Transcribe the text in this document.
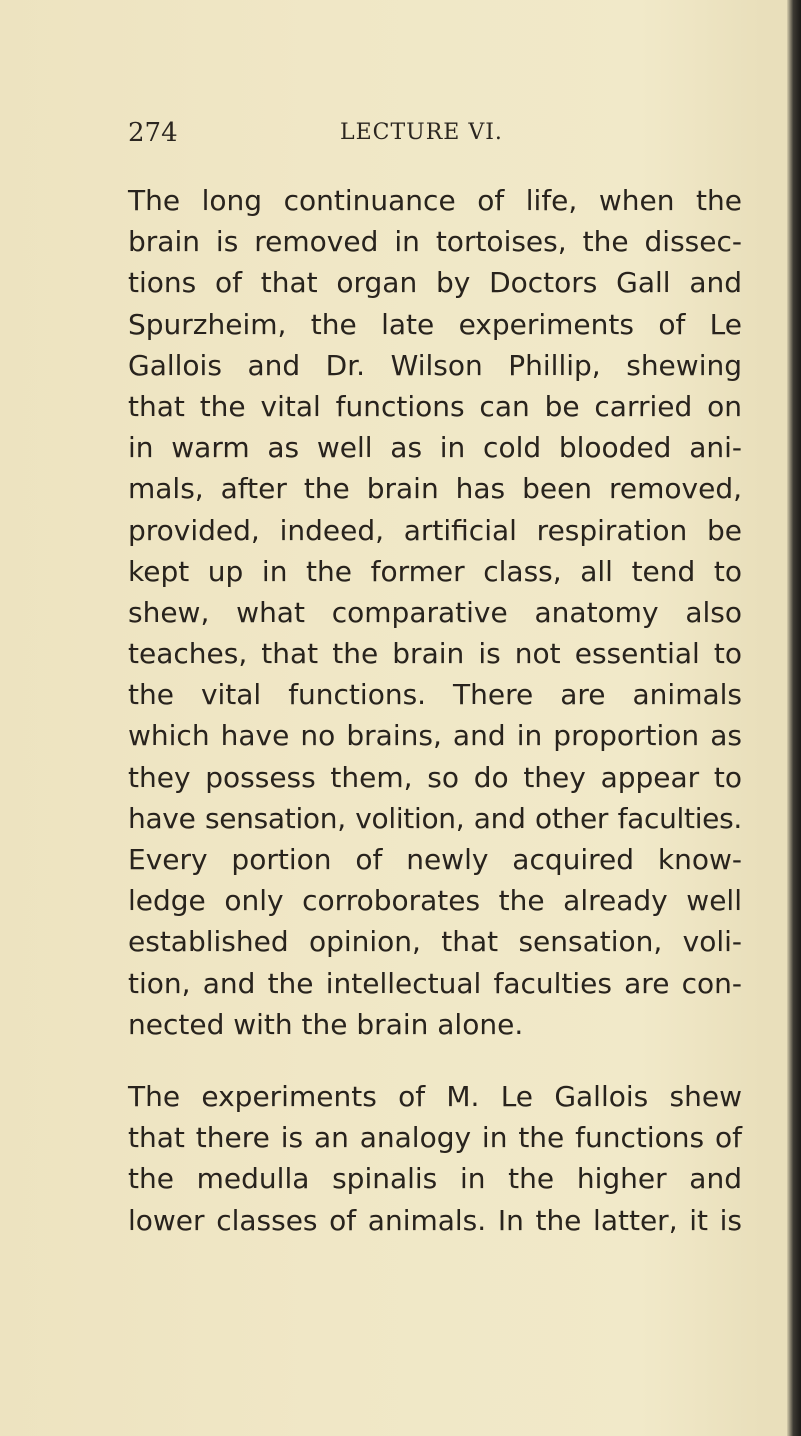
274	LECTURE VI.
The long continuance of life, when the
brain is removed in tortoises, the dissec-
tions of that organ by Doctors Gall and
Spurzheim, the late experiments of Le
Gallois and Dr. Wilson Phillip, shewing
that the vital functions can be carried on
in warm as well as in cold blooded ani-
mals, after the brain has been removed,
provided, indeed, artificial respiration be
kept up in the former class, all tend to
shew, what comparative anatomy also
teaches, that the brain is not essential to
the vital functions. There are animals
which have no brains, and in proportion as
they possess them, so do they appear to
have sensation, volition, and other faculties.
Every portion of newly acquired know-
ledge only corroborates the already well
established opinion, that sensation, voli-
tion, and the intellectual faculties are con-
nected with the brain alone.
The experiments of M. Le Gallois shew
that there is an analogy in the functions of
the medulla spinalis in the higher and
lower classes of animals. In the latter, it is
